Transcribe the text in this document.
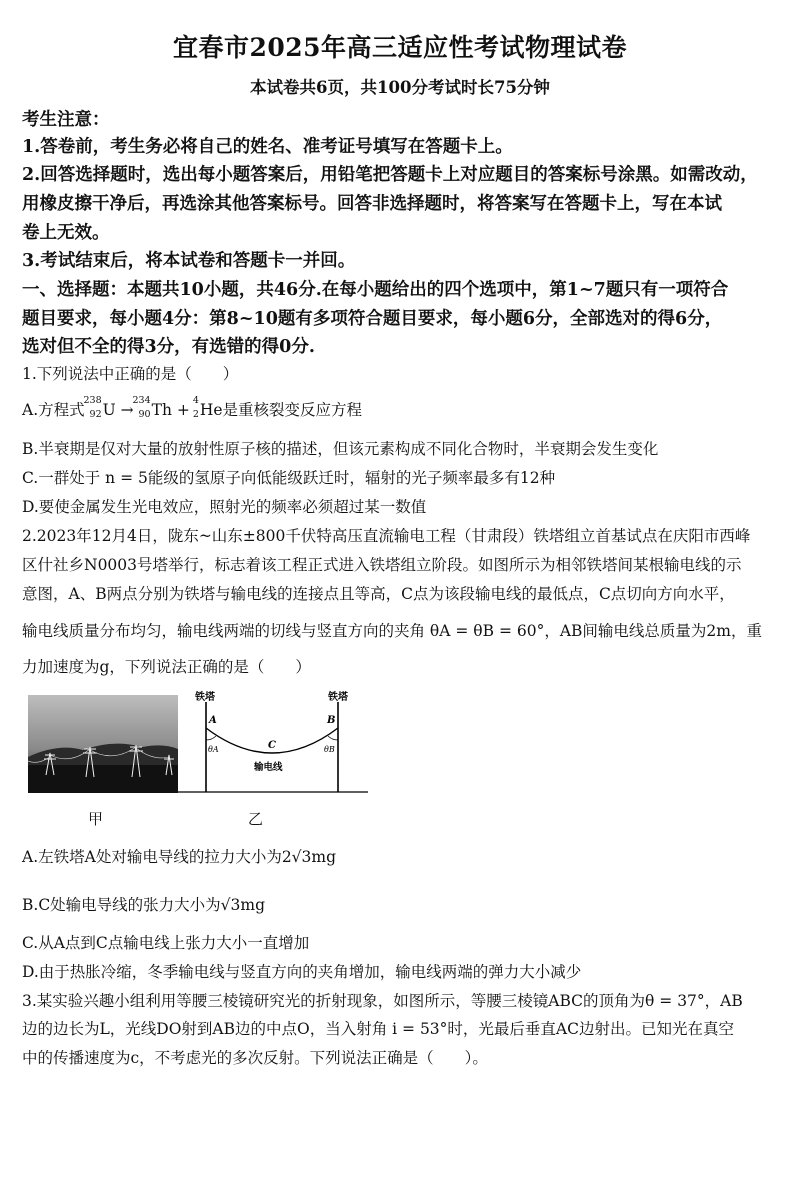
宜春市2025年高三适应性考试物理试卷
本试卷共6页，共100分考试时长75分钟
考生注意：
1.答卷前，考生务必将自己的姓名、准考证号填写在答题卡上。
2.回答选择题时，选出每小题答案后，用铅笔把答题卡上对应题目的答案标号涂黑。如需改动，
用橡皮擦干净后，再选涂其他答案标号。回答非选择题时，将答案写在答题卡上，写在本试
卷上无效。
3.考试结束后，将本试卷和答题卡一并回。
一、选择题：本题共10小题，共46分.在每小题给出的四个选项中，第1~7题只有一项符合
题目要求，每小题4分：第8~10题有多项符合题目要求，每小题6分，全部选对的得6分，
选对但不全的得3分，有选错的得0分.
1.下列说法中正确的是（　　）
A.方程式
238
92 U →
234
90 Th +
4
2 He是重核裂变反应方程
B.半衰期是仅对大量的放射性原子核的描述，但该元素构成不同化合物时，半衰期会发生变化
C.一群处于 n = 5能级的氢原子向低能级跃迁时，辐射的光子频率最多有12种
D.要使金属发生光电效应，照射光的频率必须超过某一数值
2.2023年12月4日，陇东~山东±800千伏特高压直流输电工程（甘肃段）铁塔组立首基试点在庆阳市西峰
区什社乡N0003号塔举行，标志着该工程正式进入铁塔组立阶段。如图所示为相邻铁塔间某根输电线的示
意图，A、B两点分别为铁塔与输电线的连接点且等高，C点为该段输电线的最低点，C点切向方向水平，
输电线质量分布均匀，输电线两端的切线与竖直方向的夹角 θA = θB = 60°，AB间输电线总质量为2m，重
力加速度为g，下列说法正确的是（　　）
铁塔	铁塔
A	B
C
θA	θB
输电线
甲	乙
A.左铁塔A处对输电导线的拉力大小为2√3mg
B.C处输电导线的张力大小为√3mg
C.从A点到C点输电线上张力大小一直增加
D.由于热胀冷缩，冬季输电线与竖直方向的夹角增加，输电线两端的弹力大小减少
3.某实验兴趣小组利用等腰三棱镜研究光的折射现象，如图所示，等腰三棱镜ABC的顶角为θ = 37°，AB
边的边长为L，光线DO射到AB边的中点O，当入射角 i = 53°时，光最后垂直AC边射出。已知光在真空
中的传播速度为c，不考虑光的多次反射。下列说法正确是（　　）。
